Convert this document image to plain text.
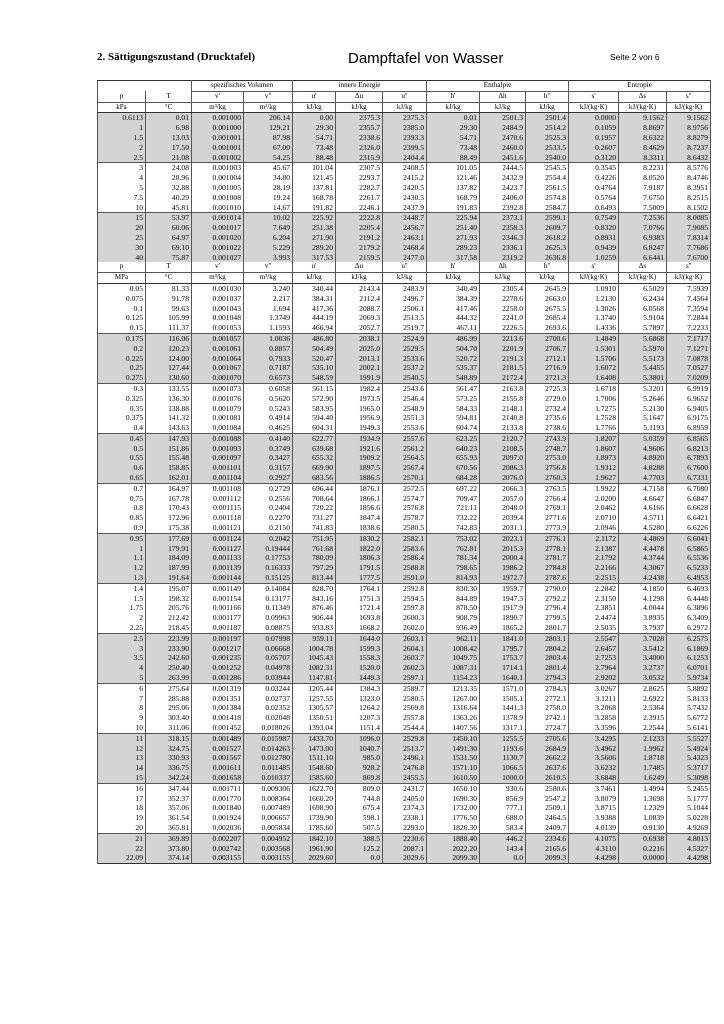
2. Sättigungszustand (Drucktafel)	Dampftafel von Wasser	Seite 2 von 6
		spezifisches Volumen		innere Energie			Enthalpie			Entropie		
p	T	v'	v''	u'	Δu	u''	h'	Δh	h''	s'	Δs	s''
kPa	°C	m³/kg	m³/kg	kJ/kg	kJ/kg	kJ/kg	kJ/kg	kJ/kg	kJ/kg	kJ/(kg·K)	kJ/(kg·K)	kJ/(kg·K)
0.6113	0.01	0.001000	206.14	0.00	2375.3	2375.3	0.01	2501.3	2501.4	0.0000	9.1562	9.1562
1	6.98	0.001000	129.21	29.30	2355.7	2385.0	29.30	2484.9	2514.2	0.1059	8.8697	8.9756
1.5	13.03	0.001001	87.98	54.71	2338.6	2393.3	54.71	2470.6	2525.3	0.1957	8.6322	8.8279
2	17.50	0.001001	67.00	73.48	2326.0	2399.5	73.48	2460.0	2533.5	0.2607	8.4629	8.7237
2.5	21.08	0.001002	54.25	88.48	2315.9	2404.4	88.49	2451.6	2540.0	0.3120	8.3311	8.6432
3	24.08	0.001003	45.67	101.04	2307.5	2408.5	101.05	2444.5	2545.5	0.3545	8.2231	8.5776
4	28.96	0.001004	34.80	121.45	2293.7	2415.2	121.46	2432.9	2554.4	0.4226	8.0520	8.4746
5	32.88	0.001005	28.19	137.81	2282.7	2420.5	137.82	2423.7	2561.5	0.4764	7.9187	8.3951
7.5	40.29	0.001008	19.24	168.78	2261.7	2430.5	168.79	2406.0	2574.8	0.5764	7.6750	8.2515
10	45.81	0.001010	14.67	191.82	2246.1	2437.9	191.83	2392.8	2584.7	0.6493	7.5009	8.1502
15	53.97	0.001014	10.02	225.92	2222.8	2448.7	225.94	2373.1	2599.1	0.7549	7.2536	8.0085
20	60.06	0.001017	7.649	251.38	2205.4	2456.7	251.40	2358.3	2609.7	0.8320	7.0766	7.9085
25	64.97	0.001020	6.204	271.90	2191.2	2463.1	271.93	2346.3	2618.2	0.8931	6.9383	7.8314
30	69.10	0.001022	5.229	289.20	2179.2	2468.4	289.23	2336.1	2625.3	0.9439	6.8247	7.7686
40	75.87	0.001027	3.993	317.53	2159.5	2477.0	317.58	2319.2	2636.8	1.0259	6.6441	7.6700
p	T	v'	v''	u'	Δu	u''	h'	Δh	h''	s'	Δs	s''
MPa	°C	m³/kg	m³/kg	kJ/kg	kJ/kg	kJ/kg	kJ/kg	kJ/kg	kJ/kg	kJ/(kg·K)	kJ/(kg·K)	kJ/(kg·K)
0.05	81.33	0.001030	3.240	340.44	2143.4	2483.9	340.49	2305.4	2645.9	1.0910	6.5029	7.5939
0.075	91.78	0.001037	2.217	384.31	2112.4	2496.7	384.39	2278.6	2663.0	1.2130	6.2434	7.4564
0.1	99.63	0.001043	1.694	417.36	2088.7	2506.1	417.46	2258.0	2675.5	1.3026	6.0568	7.3594
0.125	105.99	0.001048	1.3749	444.19	2069.3	2513.5	444.32	2241.0	2685.4	1.3740	5.9104	7.2844
0.15	111.37	0.001053	1.1593	466.94	2052.7	2519.7	467.11	2226.5	2693.6	1.4336	5.7897	7.2233
0.175	116.06	0.001057	1.0036	486.80	2038.1	2524.9	486.99	2213.6	2700.6	1.4849	5.6868	7.1717
0.2	120.23	0.001061	0.8857	504.49	2025.0	2529.5	504.70	2201.9	2706.7	1.5301	5.5970	7.1271
0.225	124.00	0.001064	0.7933	520.47	2013.1	2533.6	520.72	2191.3	2712.1	1.5706	5.5173	7.0878
0.25	127.44	0.001067	0.7187	535.10	2002.1	2537.2	535.37	2181.5	2716.9	1.6072	5.4455	7.0527
0.275	130.60	0.001070	0.6573	548.59	1991.9	2540.5	548.89	2172.4	2721.3	1.6408	5.3801	7.0209
0.3	133.55	0.001073	0.6058	561.15	1982.4	2543.6	561.47	2163.8	2725.3	1.6718	5.3201	6.9919
0.325	136.30	0.001076	0.5620	572.90	1973.5	2546.4	573.25	2155.8	2729.0	1.7006	5.2646	6.9652
0.35	138.88	0.001079	0.5243	583.95	1965.0	2548.9	584.33	2148.1	2732.4	1.7275	5.2130	6.9405
0.375	141.32	0.001081	0.4914	594.40	1956.9	2551.3	594.81	2140.8	2735.6	1.7528	5.1647	6.9175
0.4	143.63	0.001084	0.4625	604.31	1949.3	2553.6	604.74	2133.8	2738.6	1.7766	5.1193	6.8959
0.45	147.93	0.001088	0.4140	622.77	1934.9	2557.6	623.25	2120.7	2743.9	1.8207	5.0359	6.8565
0.5	151.86	0.001093	0.3749	639.68	1921.6	2561.2	640.23	2108.5	2748.7	1.8607	4.9606	6.8213
0.55	155.48	0.001097	0.3427	655.32	1909.2	2564.5	655.93	2097.0	2753.0	1.8973	4.8920	6.7893
0.6	158.85	0.001101	0.3157	669.90	1897.5	2567.4	670.56	2086.3	2756.8	1.9312	4.8288	6.7600
0.65	162.01	0.001104	0.2927	683.56	1886.5	2570.1	684.28	2076.0	2760.3	1.9627	4.7703	6.7331
0.7	164.97	0.001108	0.2729	696.44	1876.1	2572.5	697.22	2066.3	2763.5	1.9922	4.7158	6.7080
0.75	167.78	0.001112	0.2556	708.64	1866.1	2574.7	709.47	2057.0	2766.4	2.0200	4.6647	6.6847
0.8	170.43	0.001115	0.2404	720.22	1856.6	2576.8	721.11	2048.0	2769.1	2.0462	4.6166	6.6628
0.85	172.96	0.001118	0.2270	731.27	1847.4	2578.7	732.22	2039.4	2771.6	2.0710	4.5711	6.6421
0.9	175.38	0.001121	0.2150	741.83	1838.6	2580.5	742.83	2031.1	2773.9	2.0946	4.5280	6.6226
0.95	177.69	0.001124	0.2042	751.95	1830.2	2582.1	753.02	2023.1	2776.1	2.1172	4.4869	6.6041
1	179.91	0.001127	0.19444	761.68	1822.0	2583.6	762.81	2015.3	2778.1	2.1387	4.4478	6.5865
1.1	184.09	0.001133	0.17753	780.09	1806.3	2586.4	781.34	2000.4	2781.7	2.1792	4.3744	6.5536
1.2	187.99	0.001139	0.16333	797.29	1791.5	2588.8	798.65	1986.2	2784.8	2.2166	4.3067	6.5233
1.3	191.64	0.001144	0.15125	813.44	1777.5	2591.0	814.93	1972.7	2787.6	2.2515	4.2438	6.4953
1.4	195.07	0.001149	0.14084	828.70	1764.1	2592.8	830.30	1959.7	2790.0	2.2842	4.1850	6.4693
1.5	198.32	0.001154	0.13177	843.16	1751.3	2594.5	844.89	1947.3	2792.2	2.3150	4.1298	6.4448
1.75	205.76	0.001166	0.11349	876.46	1721.4	2597.8	878.50	1917.9	2796.4	2.3851	4.0044	6.3896
2	212.42	0.001177	0.09963	906.44	1693.8	2600.3	908.79	1890.7	2799.5	2.4474	3.8935	6.3409
2.25	218.45	0.001187	0.08875	933.83	1668.2	2602.0	936.49	1865.2	2801.7	2.5035	3.7937	6.2972
2.5	223.99	0.001197	0.07998	959.11	1644.0	2603.1	962.11	1841.0	2803.1	2.5547	3.7028	6.2575
3	233.90	0.001217	0.06668	1004.78	1599.3	2604.1	1008.42	1795.7	2804.2	2.6457	3.5412	6.1869
3.5	242.60	0.001235	0.05707	1045.43	1558.3	2603.7	1049.75	1753.7	2803.4	2.7253	3.4000	6.1253
4	250.40	0.001252	0.04978	1082.31	1520.0	2602.3	1087.31	1714.1	2801.4	2.7964	3.2737	6.0701
5	263.99	0.001286	0.03944	1147.81	1449.3	2597.1	1154.23	1640.1	2794.3	2.9202	3.0532	5.9734
6	275.64	0.001319	0.03244	1205.44	1384.3	2589.7	1213.35	1571.0	2784.3	3.0267	2.8625	5.8892
7	285.88	0.001351	0.02737	1257.55	1323.0	2580.5	1267.00	1505.1	2772.1	3.1211	2.6922	5.8133
8	295.06	0.001384	0.02352	1305.57	1264.2	2569.8	1316.64	1441.3	2758.0	3.2068	2.5364	5.7432
9	303.40	0.001418	0.02048	1350.51	1207.3	2557.8	1363.26	1378.9	2742.1	3.2858	2.3915	5.6772
10	311.06	0.001452	0.018026	1393.04	1151.4	2544.4	1407.56	1317.1	2724.7	3.3596	2.2544	5.6141
11	318.15	0.001489	0.015987	1433.70	1096.0	2529.8	1450.10	1255.5	2705.6	3.4295	2.1233	5.5527
12	324.75	0.001527	0.014263	1473.00	1040.7	2513.7	1491.30	1193.6	2684.9	3.4962	1.9962	5.4924
13	330.93	0.001567	0.012780	1511.10	985.0	2496.1	1531.50	1130.7	2662.2	3.5606	1.8718	5.4323
14	336.75	0.001611	0.011485	1548.60	928.2	2476.8	1571.10	1066.5	2637.6	3.6232	1.7485	5.3717
15	342.24	0.001658	0.010337	1585.60	869.8	2455.5	1610.50	1000.0	2610.5	3.6848	1.6249	5.3098
16	347.44	0.001711	0.009306	1622.70	809.0	2431.7	1650.10	930.6	2580.6	3.7461	1.4994	5.2455
17	352.37	0.001770	0.008364	1660.20	744.8	2405.0	1690.30	856.9	2547.2	3.8079	1.3698	5.1777
18	357.06	0.001840	0.007489	1698.90	675.4	2374.3	1732.00	777.1	2509.1	3.8715	1.2329	5.1044
19	361.54	0.001924	0.006657	1739.90	598.1	2338.1	1776.50	688.0	2464.5	3.9388	1.0839	5.0228
20	365.81	0.002036	0.005834	1785.60	507.5	2293.0	1826.30	583.4	2409.7	4.0139	0.9130	4.9269
21	369.89	0.002207	0.004952	1842.10	388.5	2230.6	1888.40	446.2	2334.6	4.1075	0.6938	4.8013
22	373.80	0.002742	0.003568	1961.90	125.2	2087.1	2022.20	143.4	2165.6	4.3110	0.2216	4.5327
22.09	374.14	0.003155	0.003155	2029.60	0.0	2029.6	2099.30	0.0	2099.3	4.4298	0.0000	4.4298
